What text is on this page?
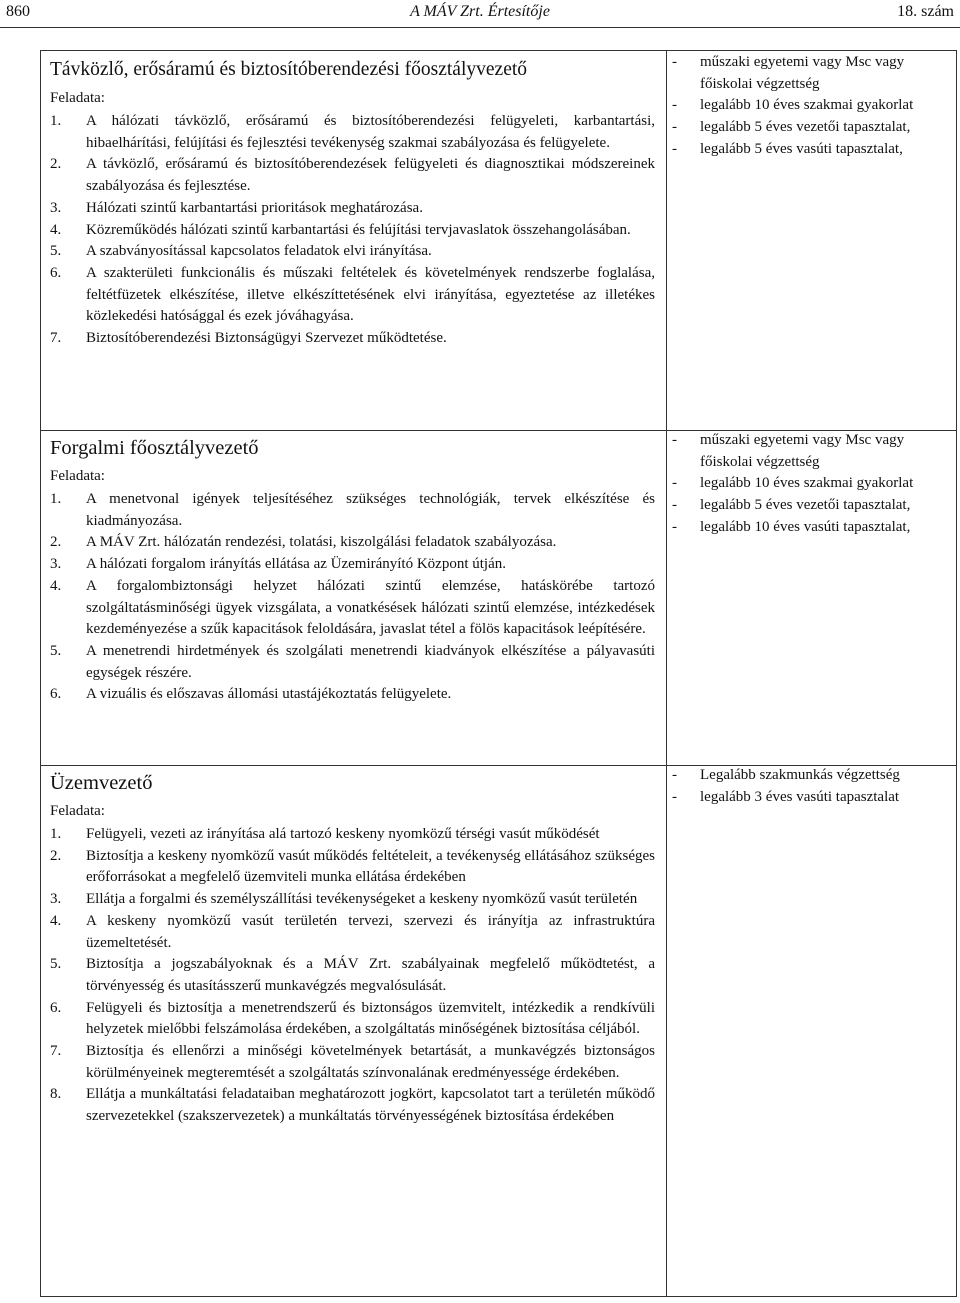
860	A MÁV Zrt. Értesítője	18. szám
Távközlő, erősáramú és biztosítóberendezési főosztályvezető
Feladata:
1.	A hálózati távközlő, erősáramú és biztosítóberendezési felügyeleti, karbantartási, hibaelhárítási, felújítási és fejlesztési tevékenység szakmai szabályozása és felügyelete.
2.	A távközlő, erősáramú és biztosítóberendezések felügyeleti és diagnosztikai módszereinek szabályozása és fejlesztése.
3.	Hálózati szintű karbantartási prioritások meghatározása.
4.	Közreműködés hálózati szintű karbantartási és felújítási tervjavaslatok összehangolásában.
5.	A szabványosítással kapcsolatos feladatok elvi irányítása.
6.	A szakterületi funkcionális és műszaki feltételek és követelmények rendszerbe foglalása, feltétfüzetek elkészítése, illetve elkészíttetésének elvi irányítása, egyeztetése az illetékes közlekedési hatósággal és ezek jóváhagyása.
7.	Biztosítóberendezési Biztonságügyi Szervezet működtetése.
- műszaki egyetemi vagy Msc vagy főiskolai végzettség
- legalább 10 éves szakmai gyakorlat
- legalább 5 éves vezetői tapasztalat,
- legalább 5 éves vasúti tapasztalat,
Forgalmi főosztályvezető
Feladata:
1.	A menetvonal igények teljesítéséhez szükséges technológiák, tervek elkészítése és kiadmányozása.
2.	A MÁV Zrt. hálózatán rendezési, tolatási, kiszolgálási feladatok szabályozása.
3.	A hálózati forgalom irányítás ellátása az Üzemirányító Központ útján.
4.	A forgalombiztonsági helyzet hálózati szintű elemzése, hatáskörébe tartozó szolgáltatásminőségi ügyek vizsgálata, a vonatkésések hálózati szintű elemzése, intézkedések kezdeményezése a szűk kapacitások feloldására, javaslat tétel a fölös kapacitások leépítésére.
5.	A menetrendi hirdetmények és szolgálati menetrendi kiadványok elkészítése a pályavasúti egységek részére.
6.	A vizuális és előszavas állomási utastájékoztatás felügyelete.
- műszaki egyetemi vagy Msc vagy főiskolai végzettség
- legalább 10 éves szakmai gyakorlat
- legalább 5 éves vezetői tapasztalat,
- legalább 10 éves vasúti tapasztalat,
Üzemvezető
Feladata:
1.	Felügyeli, vezeti az irányítása alá tartozó keskeny nyomközű térségi vasút működését
2.	Biztosítja a keskeny nyomközű vasút működés feltételeit, a tevékenység ellátásához szükséges erőforrásokat a megfelelő üzemviteli munka ellátása érdekében
3.	Ellátja a forgalmi és személyszállítási tevékenységeket a keskeny nyomközű vasút területén
4.	A keskeny nyomközű vasút területén tervezi, szervezi és irányítja az infrastruktúra üzemeltetését.
5.	Biztosítja a jogszabályoknak és a MÁV Zrt. szabályainak megfelelő működtetést, a törvényesség és utasításszerű munkavégzés megvalósulását.
6.	Felügyeli és biztosítja a menetrendszerű és biztonságos üzemvitelt, intézkedik a rendkívüli helyzetek mielőbbi felszámolása érdekében, a szolgáltatás minőségének biztosítása céljából.
7.	Biztosítja és ellenőrzi a minőségi követelmények betartását, a munkavégzés biztonságos körülményeinek megteremtését a szolgáltatás színvonalának eredményessége érdekében.
8.	Ellátja a munkáltatási feladataiban meghatározott jogkört, kapcsolatot tart a területén működő szervezetekkel (szakszervezetek) a munkáltatás törvényességének biztosítása érdekében
- Legalább szakmunkás végzettség
- legalább 3 éves vasúti tapasztalat
